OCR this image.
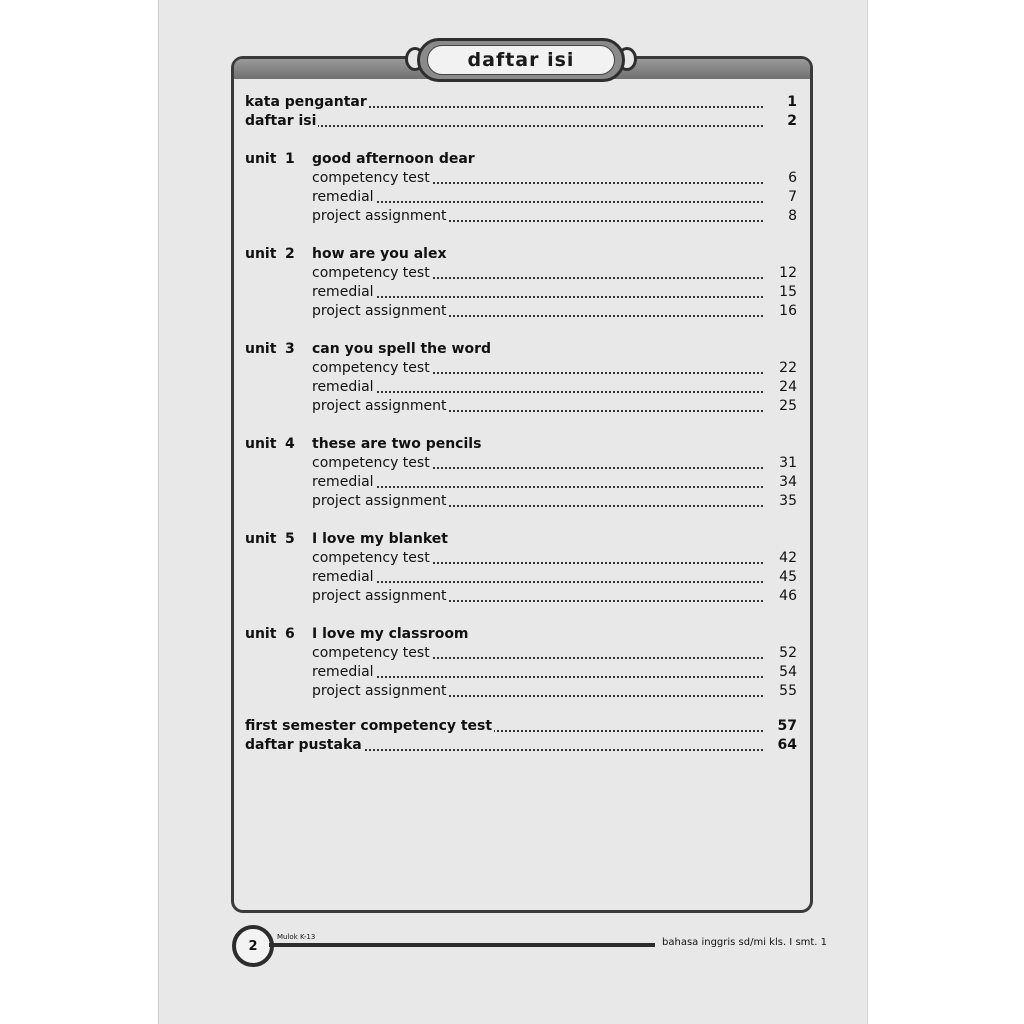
daftar isi
kata pengantar	1
daftar isi	2
unit 1 good afternoon dear
competency test	6
remedial	7
project assignment	8
unit 2 how are you alex
competency test	12
remedial	15
project assignment	16
unit 3 can you spell the word
competency test	22
remedial	24
project assignment	25
unit 4 these are two pencils
competency test	31
remedial	34
project assignment	35
unit 5 I love my blanket
competency test	42
remedial	45
project assignment	46
unit 6 I love my classroom
competency test	52
remedial	54
project assignment	55
first semester competency test	57
daftar pustaka	64
2
Mulok K-13	bahasa inggris sd/mi kls. I smt. 1
